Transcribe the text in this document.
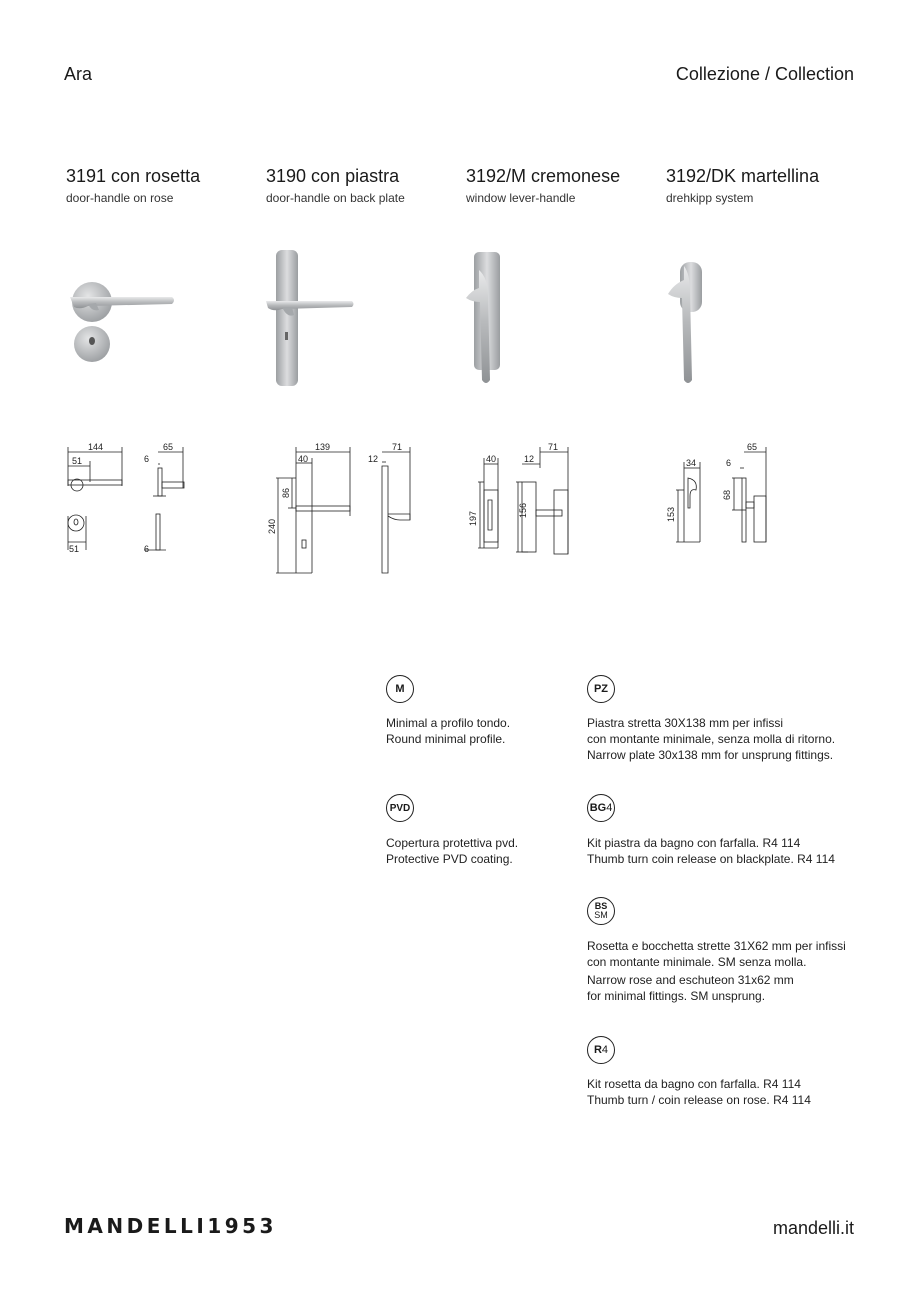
Ara	Collezione / Collection
3191 con rosetta
door-handle on rose
3190 con piastra
door-handle on back plate
3192/M cremonese
window lever-handle
3192/DK martellina
drehkipp system
144
51
65
6
51	6
139
40
86
240
71
12	40
197
12
71
156
34
153
6
65
68
M
Minimal a profilo tondo.
Round minimal profile.
PVD
Copertura protettiva pvd.
Protective PVD coating.
PZ
Piastra stretta 30X138 mm per infissi
con montante minimale, senza molla di ritorno.
Narrow plate 30x138 mm for unsprung fittings.
BG 4
Kit piastra da bagno con farfalla. R4 114
Thumb turn coin release on blackplate. R4 114
BS
SM
Rosetta e bocchetta strette 31X62 mm per infissi
con montante minimale. SM senza molla.
Narrow rose and eschuteon 31x62 mm
for minimal fittings. SM unsprung.
R 4
Kit rosetta da bagno con farfalla. R4 114
Thumb turn / coin release on rose. R4 114
MANDELLI1953	mandelli.it
